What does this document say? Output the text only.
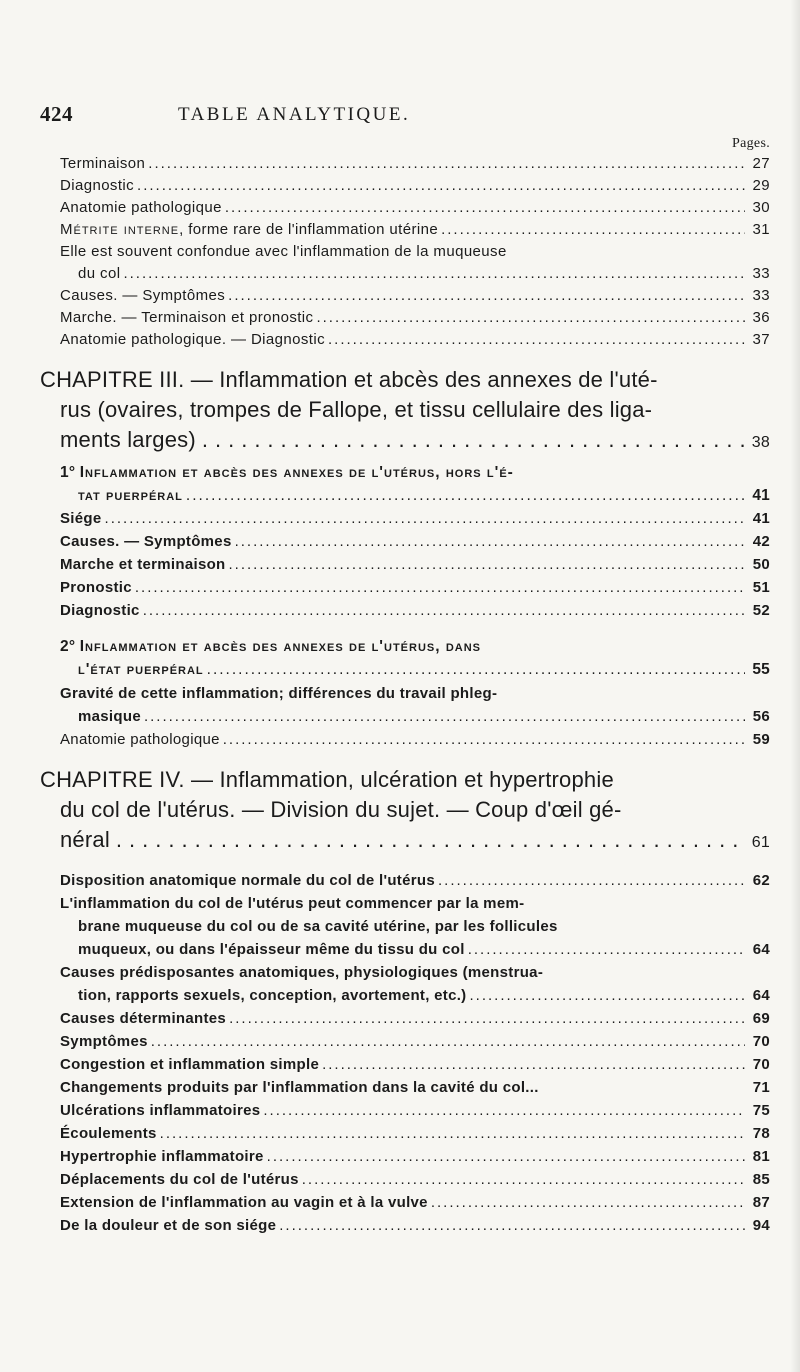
424	TABLE ANALYTIQUE.
Pages.
Terminaison .....	27
Diagnostic .....	29
Anatomie pathologique .....	30
Métrite interne, forme rare de l'inflammation utérine .....	31
Elle est souvent confondue avec l'inflammation de la muqueuse
du col .....	33
Causes. — Symptômes .....	33
Marche. — Terminaison et pronostic .....	36
Anatomie pathologique. — Diagnostic .....	37
CHAPITRE III. — Inflammation et abcès des annexes de l'uté-
rus (ovaires, trompes de Fallope, et tissu cellulaire des liga-
ments larges) .....	38
1° Inflammation et abcès des annexes de l'utérus, hors l'é-
tat puerpéral .....	41
Siége .....	41
Causes. — Symptômes .....	42
Marche et terminaison .....	50
Pronostic .....	51
Diagnostic .....	52
2° Inflammation et abcès des annexes de l'utérus, dans
l'état puerpéral .....	55
Gravité de cette inflammation; différences du travail phleg-
masique .....	56
Anatomie pathologique .....	59
CHAPITRE IV. — Inflammation, ulcération et hypertrophie
du col de l'utérus. — Division du sujet. — Coup d'œil gé-
néral .....	61
Disposition anatomique normale du col de l'utérus .....	62
L'inflammation du col de l'utérus peut commencer par la mem-
brane muqueuse du col ou de sa cavité utérine, par les follicules
muqueux, ou dans l'épaisseur même du tissu du col .....	64
Causes prédisposantes anatomiques, physiologiques (menstrua-
tion, rapports sexuels, conception, avortement, etc.) .....	64
Causes déterminantes .....	69
Symptômes .....	70
Congestion et inflammation simple .....	70
Changements produits par l'inflammation dans la cavité du col...	71
Ulcérations inflammatoires .....	75
Écoulements .....	78
Hypertrophie inflammatoire .....	81
Déplacements du col de l'utérus .....	85
Extension de l'inflammation au vagin et à la vulve .....	87
De la douleur et de son siége .....	94
